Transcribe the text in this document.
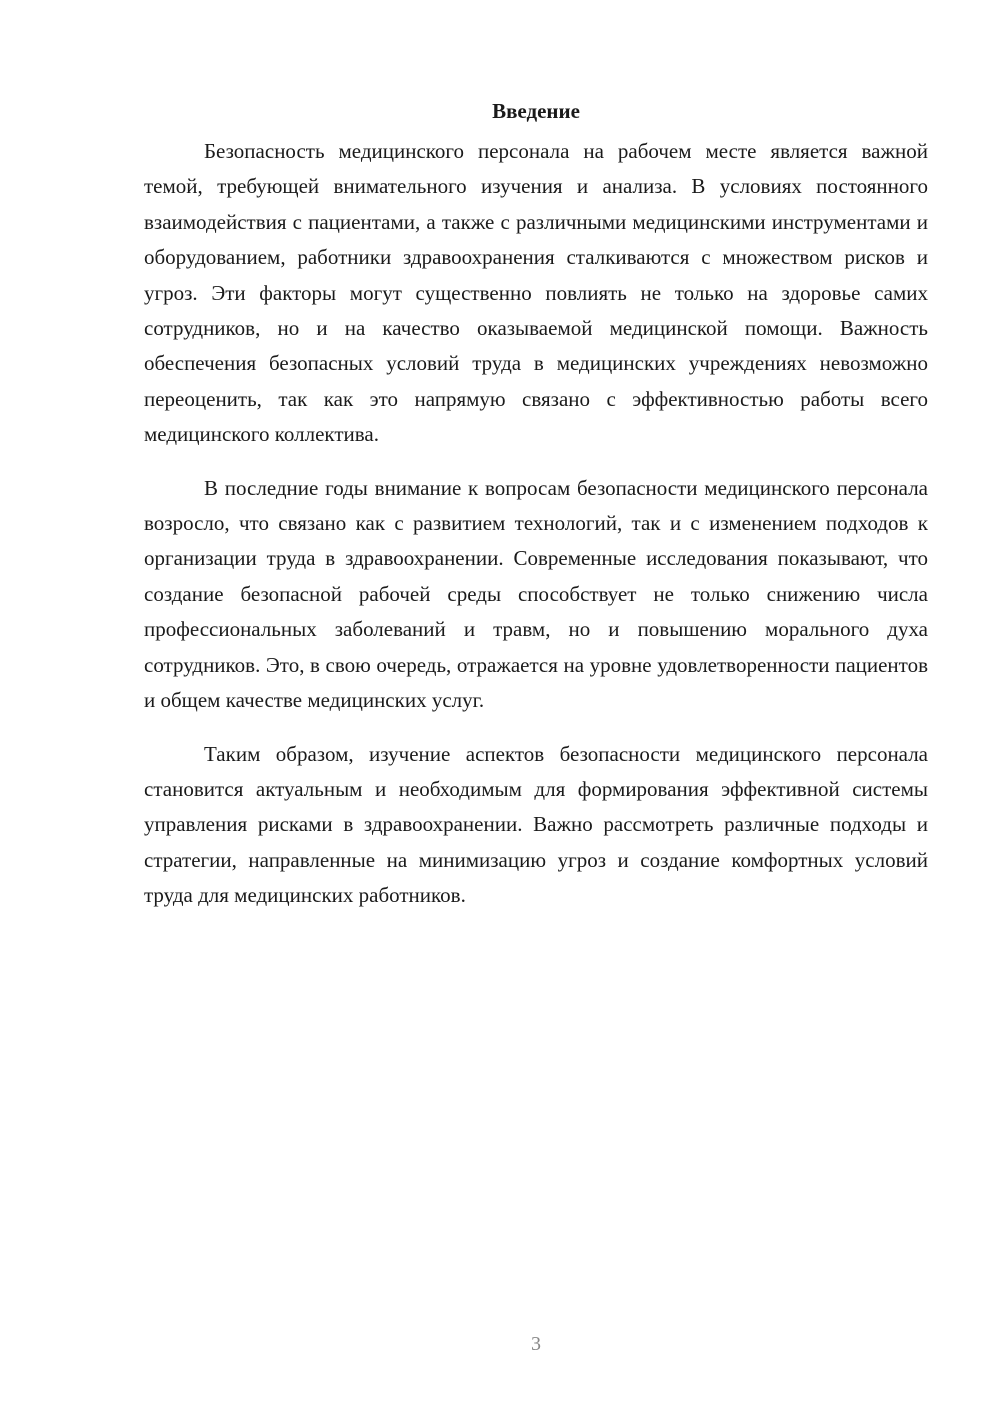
Введение

Безопасность медицинского персонала на рабочем месте является важной темой, требующей внимательного изучения и анализа. В условиях постоянного взаимодействия с пациентами, а также с различными медицинскими инструментами и оборудованием, работники здравоохранения сталкиваются с множеством рисков и угроз. Эти факторы могут существенно повлиять не только на здоровье самих сотрудников, но и на качество оказываемой медицинской помощи. Важность обеспечения безопасных условий труда в медицинских учреждениях невозможно переоценить, так как это напрямую связано с эффективностью работы всего медицинского коллектива.

В последние годы внимание к вопросам безопасности медицинского персонала возросло, что связано как с развитием технологий, так и с изменением подходов к организации труда в здравоохранении. Современные исследования показывают, что создание безопасной рабочей среды способствует не только снижению числа профессиональных заболеваний и травм, но и повышению морального духа сотрудников. Это, в свою очередь, отражается на уровне удовлетворенности пациентов и общем качестве медицинских услуг.

Таким образом, изучение аспектов безопасности медицинского персонала становится актуальным и необходимым для формирования эффективной системы управления рисками в здравоохранении. Важно рассмотреть различные подходы и стратегии, направленные на минимизацию угроз и создание комфортных условий труда для медицинских работников.

3
